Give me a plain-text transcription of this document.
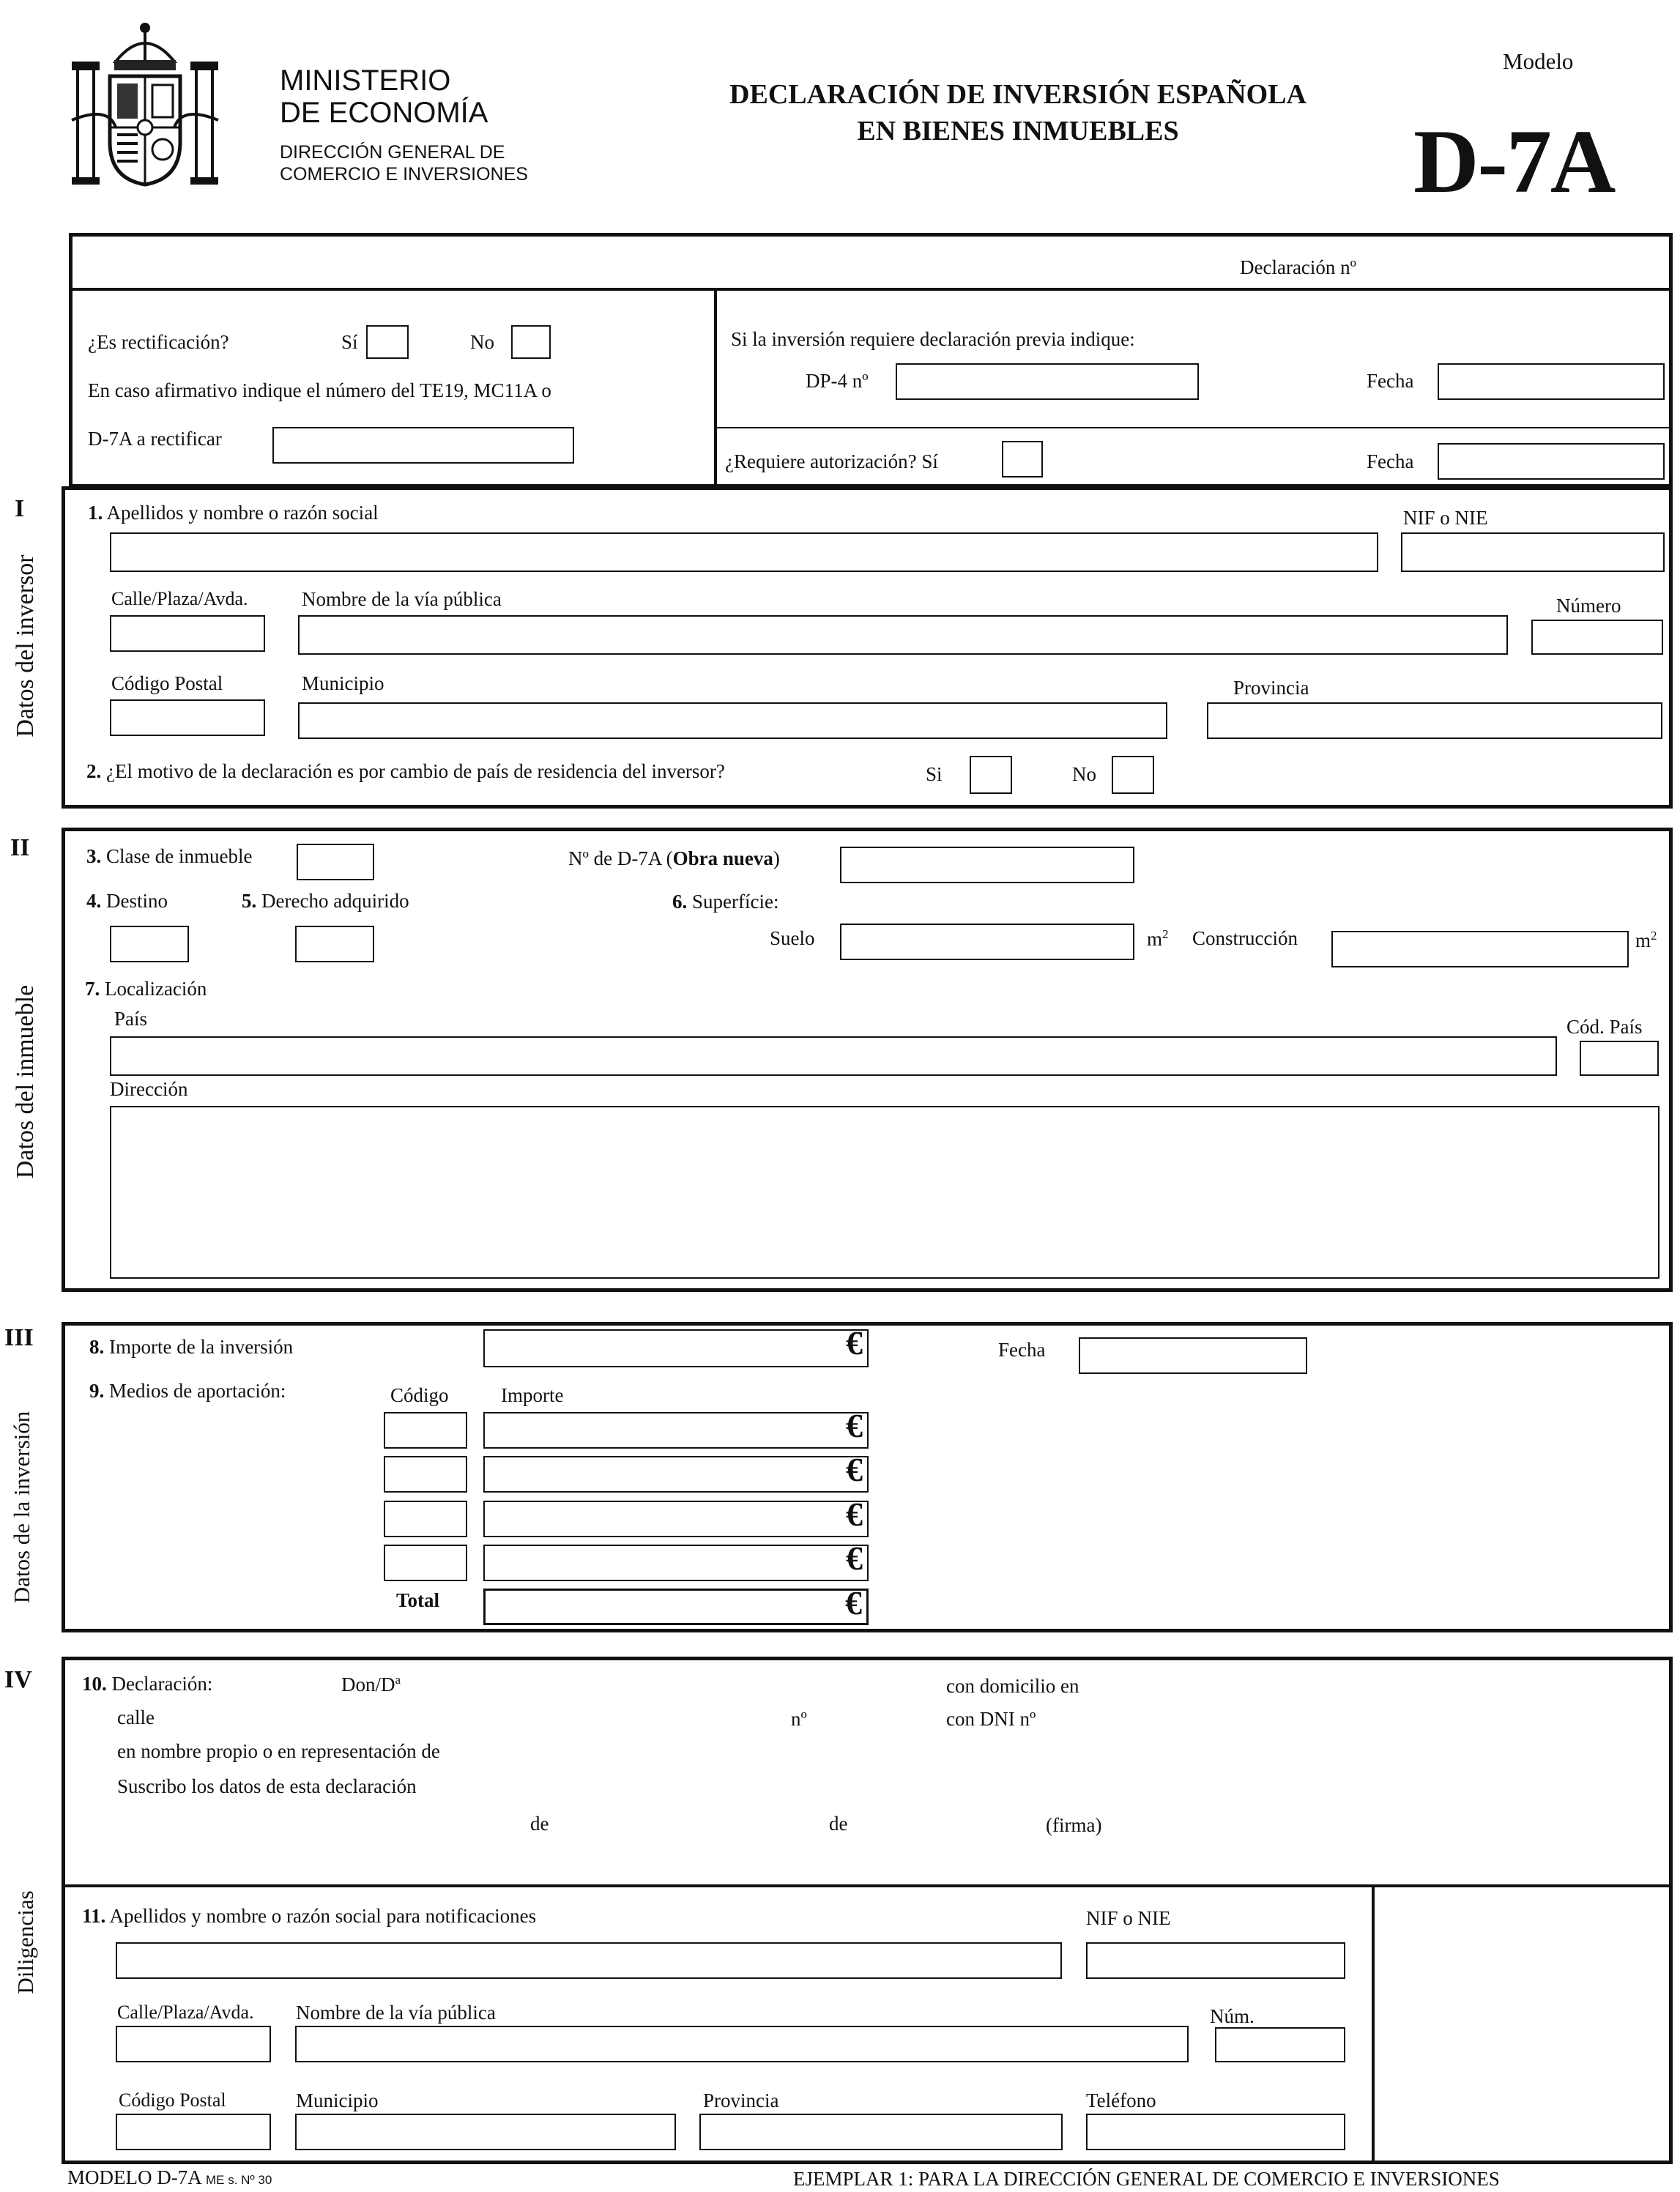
MINISTERIO
DE ECONOMÍA
DIRECCIÓN GENERAL DE
COMERCIO E INVERSIONES
DECLARACIÓN DE INVERSIÓN ESPAÑOLA
EN BIENES INMUEBLES
Modelo
D-7A
Declaración nº
¿Es rectificación?	Sí	No
En caso afirmativo indique el número del TE19, MC11A o
D-7A a rectificar
Si la inversión requiere declaración previa indique:
DP-4 nº	Fecha
¿Requiere autorización? Sí	Fecha
I
Datos del inversor
1. Apellidos y nombre o razón social	NIF o NIE
Calle/Plaza/Avda.	Nombre de la vía pública	Número
Código Postal	Municipio	Provincia
2. ¿El motivo de la declaración es por cambio de país de residencia del inversor?	Si	No
II
Datos del inmueble
3. Clase de inmueble	Nº de D-7A (Obra nueva)
4. Destino	5. Derecho adquirido	6. Superfície:
Suelo	$m^2$ Construcción	$m^2$
7. Localización
País	Cód. País
Dirección
III
Datos de la inversión
8. Importe de la inversión	€	Fecha
9. Medios de aportación:	Código	Importe
€
€
€
€
Total	€
IV
Diligencias
10. Declaración:	Don/$D^a$	con domicilio en
calle	nº	con DNI nº
en nombre propio o en representación de
Suscribo los datos de esta declaración
de	de	(firma)
11. Apellidos y nombre o razón social para notificaciones	NIF o NIE
Calle/Plaza/Avda. Nombre de la vía pública	Núm.
Código Postal	Municipio	Provincia	Teléfono
MODELO D-7A ME s. Nº 30	EJEMPLAR 1: PARA LA DIRECCIÓN GENERAL DE COMERCIO E INVERSIONES
